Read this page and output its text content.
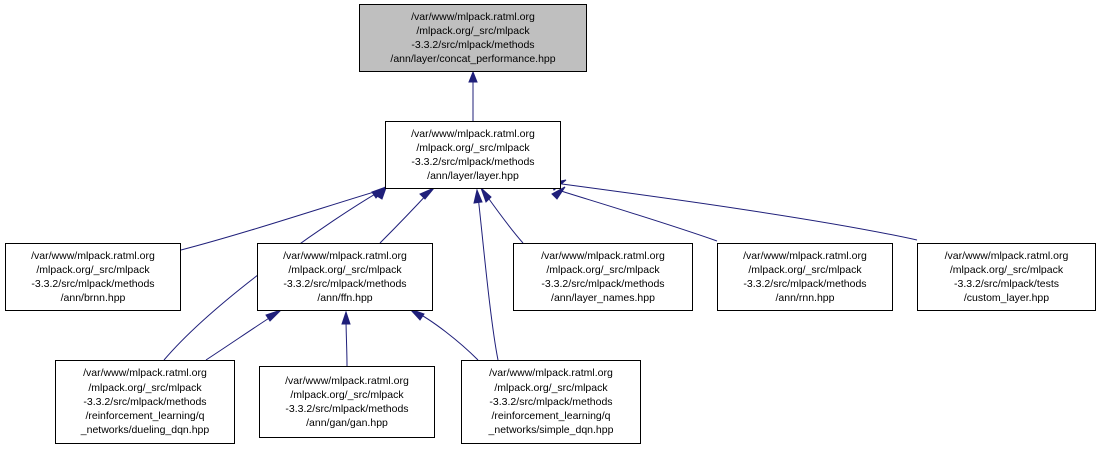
/var/www/mlpack.ratml.org
/mlpack.org/_src/mlpack
-3.3.2/src/mlpack/methods
/ann/layer/concat_performance.hpp
/var/www/mlpack.ratml.org
/mlpack.org/_src/mlpack
-3.3.2/src/mlpack/methods
/ann/layer/layer.hpp
/var/www/mlpack.ratml.org
/mlpack.org/_src/mlpack
-3.3.2/src/mlpack/methods
/ann/brnn.hpp
/var/www/mlpack.ratml.org
/mlpack.org/_src/mlpack
-3.3.2/src/mlpack/methods
/ann/ffn.hpp
/var/www/mlpack.ratml.org
/mlpack.org/_src/mlpack
-3.3.2/src/mlpack/methods
/ann/layer_names.hpp
/var/www/mlpack.ratml.org
/mlpack.org/_src/mlpack
-3.3.2/src/mlpack/methods
/ann/rnn.hpp
/var/www/mlpack.ratml.org
/mlpack.org/_src/mlpack
-3.3.2/src/mlpack/tests
/custom_layer.hpp
/var/www/mlpack.ratml.org
/mlpack.org/_src/mlpack
-3.3.2/src/mlpack/methods
/reinforcement_learning/q
_networks/dueling_dqn.hpp
/var/www/mlpack.ratml.org
/mlpack.org/_src/mlpack
-3.3.2/src/mlpack/methods
/ann/gan/gan.hpp
/var/www/mlpack.ratml.org
/mlpack.org/_src/mlpack
-3.3.2/src/mlpack/methods
/reinforcement_learning/q
_networks/simple_dqn.hpp
